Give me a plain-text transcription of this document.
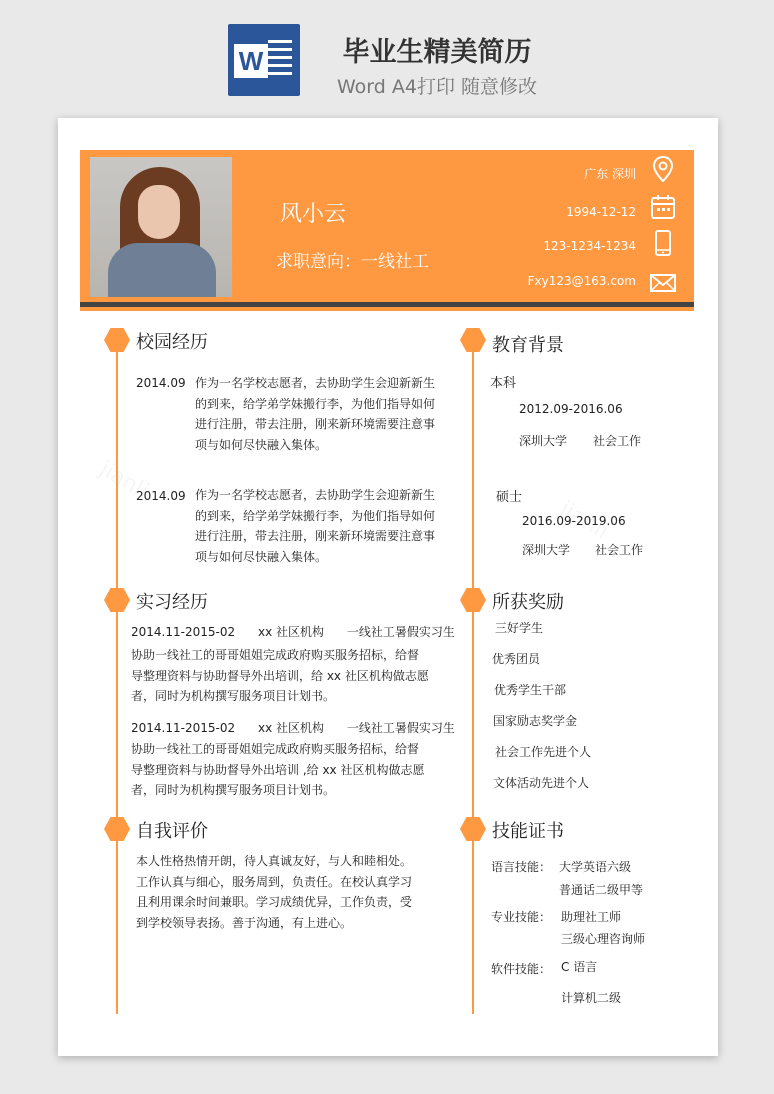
W	毕业生精美简历
Word A4打印 随意修改
风小云
求职意向：一线社工
广东 深圳
1994-12-12
123-1234-1234
Fxy123@163.com
校园经历
2014.09 作为一名学校志愿者，去协助学生会迎新新生
的到来，给学弟学妹搬行李，为他们指导如何
进行注册，带去注册，刚来新环境需要注意事
项与如何尽快融入集体。
2014.09 作为一名学校志愿者，去协助学生会迎新新生
的到来，给学弟学妹搬行李，为他们指导如何
进行注册，带去注册，刚来新环境需要注意事
项与如何尽快融入集体。
实习经历
2014.11-2015-02      xx 社区机构      一线社工暑假实习生
协助一线社工的哥哥姐姐完成政府购买服务招标，给督
导整理资料与协助督导外出培训，给 xx 社区机构做志愿
者，同时为机构撰写服务项目计划书。
2014.11-2015-02      xx 社区机构      一线社工暑假实习生
协助一线社工的哥哥姐姐完成政府购买服务招标，给督
导整理资料与协助督导外出培训 ,给 xx 社区机构做志愿
者，同时为机构撰写服务项目计划书。
自我评价
本人性格热情开朗，待人真诚友好，与人和睦相处。
工作认真与细心，服务周到，负责任。在校认真学习
且利用课余时间兼职。学习成绩优异，工作负责，受
到学校领导表扬。善于沟通，有上进心。
教育背景
本科
2012.09-2016.06
深圳大学 社会工作
硕士
2016.09-2019.06
深圳大学 社会工作
所获奖励
三好学生
优秀团员
优秀学生干部
国家励志奖学金
社会工作先进个人
文体活动先进个人
技能证书
语言技能： 大学英语六级
普通话二级甲等
专业技能： 助理社工师
三级心理咨询师
软件技能： C 语言
计算机二级
